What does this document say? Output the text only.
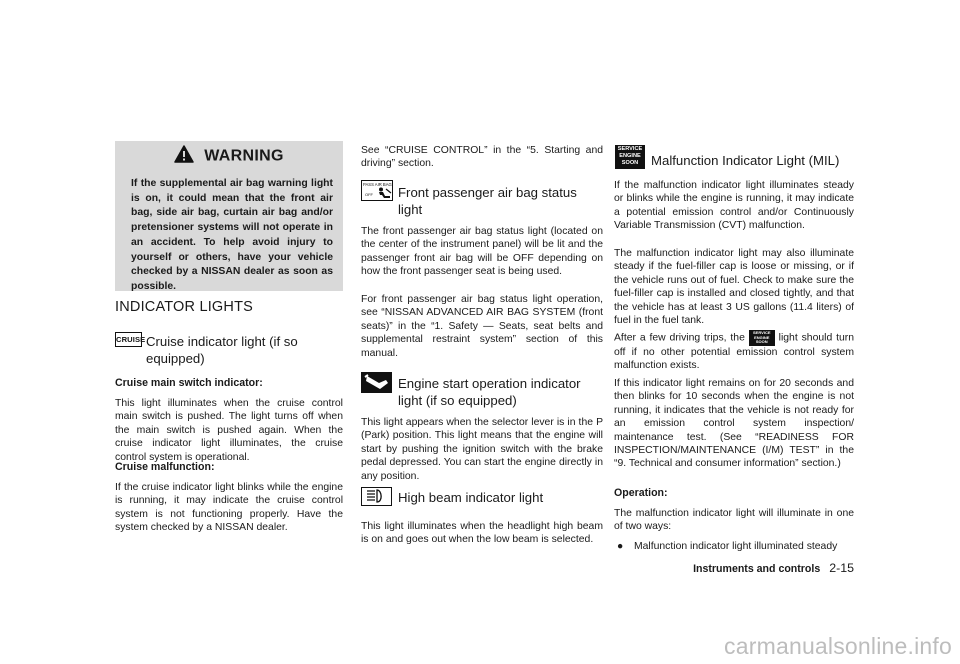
WARNING

If the supplemental air bag warning light is on, it could mean that the front air bag, side air bag, curtain air bag and/or pretensioner systems will not operate in an accident. To help avoid injury to yourself or others, have your vehicle checked by a NISSAN dealer as soon as possible.

INDICATOR LIGHTS
CRUISE Cruise indicator light (if so equipped)
Cruise main switch indicator:

This light illuminates when the cruise control main switch is pushed. The light turns off when the main switch is pushed again. When the cruise indicator light illuminates, the cruise control system is operational.

Cruise malfunction:

If the cruise indicator light blinks while the engine is running, it may indicate the cruise control system is not functioning properly. Have the system checked by a NISSAN dealer.

See “CRUISE CONTROL” in the “5. Starting and driving” section.

PASS AIR BAG
OFF Front passenger air bag status light

The front passenger air bag status light (located on the center of the instrument panel) will be lit and the passenger front air bag will be OFF depending on how the front passenger seat is being used.

For front passenger air bag status light operation, see “NISSAN ADVANCED AIR BAG SYSTEM (front seats)” in the “1. Safety — Seats, seat belts and supplemental restraint system” section of this manual.

Engine start operation indicator light (if so equipped)

This light appears when the selector lever is in the P (Park) position. This light means that the engine will start by pushing the ignition switch with the brake pedal depressed. You can start the engine directly in any position.

High beam indicator light

This light illuminates when the headlight high beam is on and goes out when the low beam is selected.

SERVICE
ENGINE
SOON Malfunction Indicator Light (MIL)

If the malfunction indicator light illuminates steady or blinks while the engine is running, it may indicate a potential emission control and/or Continuously Variable Transmission (CVT) malfunction.

The malfunction indicator light may also illuminate steady if the fuel-filler cap is loose or missing, or if the vehicle runs out of fuel. Check to make sure the fuel-filler cap is installed and closed tightly, and that the vehicle has at least 3 US gallons (11.4 liters) of fuel in the fuel tank.

After a few driving trips, the
SERVICE
ENGINE
SOON	light should turn off if no other potential emission control system malfunction exists.

If this indicator light remains on for 20 seconds and then blinks for 10 seconds when the engine is not running, it indicates that the vehicle is not ready for an emission control system inspection/ maintenance test. (See “READINESS FOR INSPECTION/MAINTENANCE (I/M) TEST” in the “9. Technical and consumer information” section.)

Operation:

The malfunction indicator light will illuminate in one of two ways:

● Malfunction indicator light illuminated steady
Instruments and controls 2-15
carmanualsonline.info
